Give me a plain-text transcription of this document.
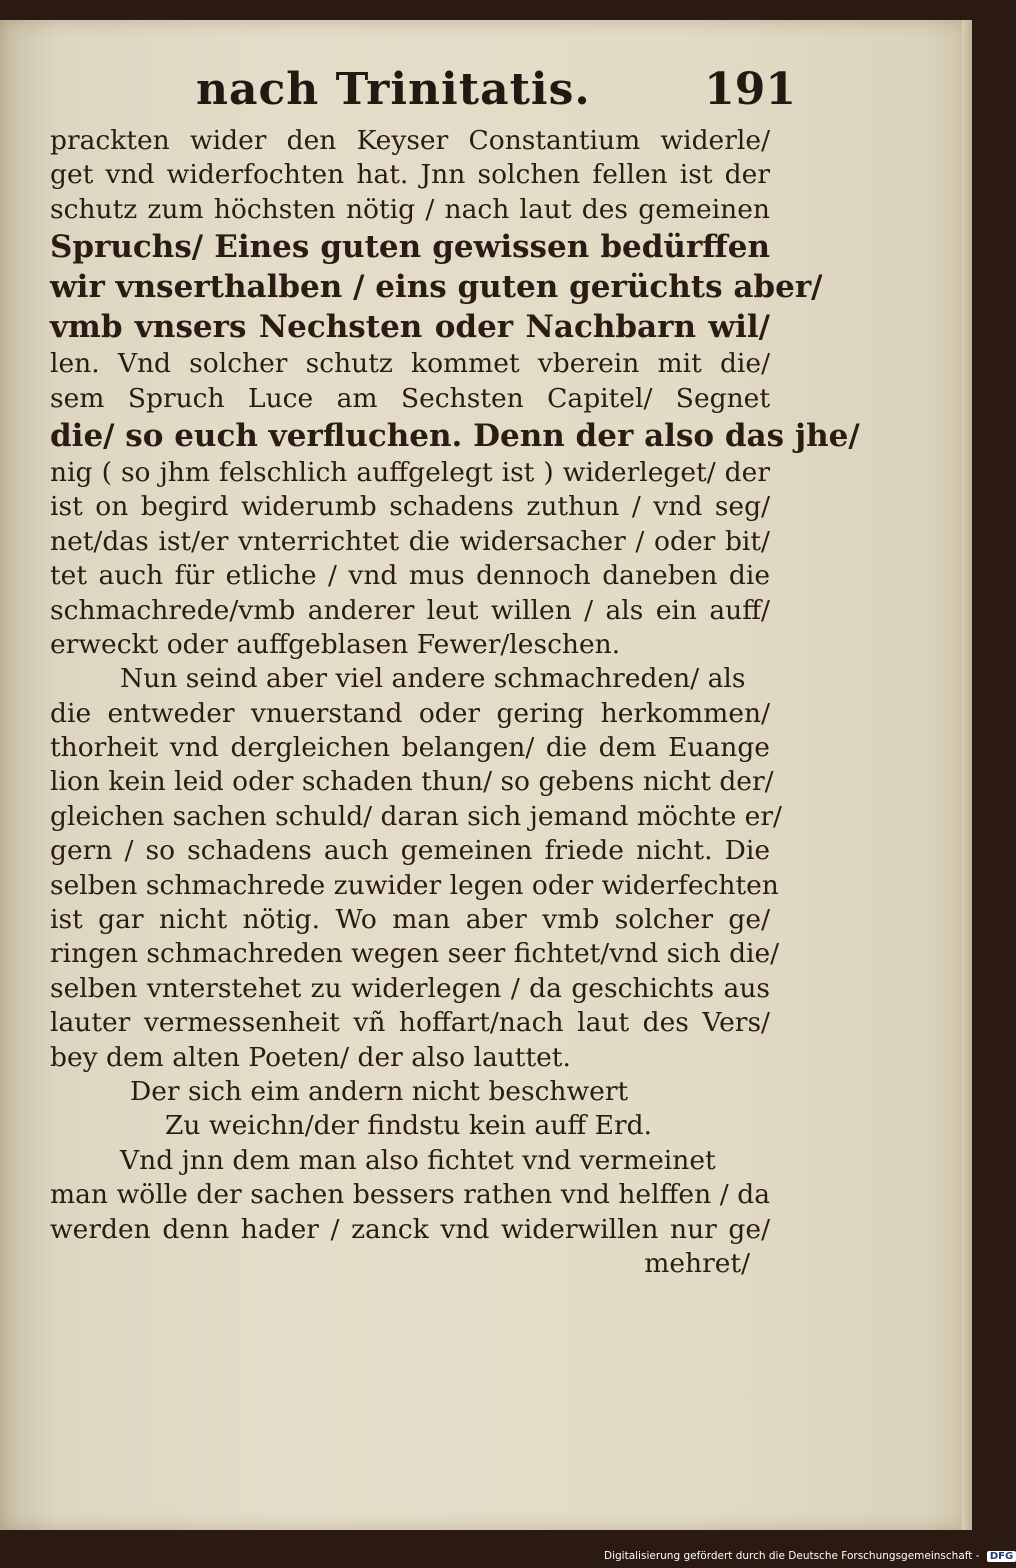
nach Trinitatis.	191
prackten wider den Keyser Constantium widerle/
get vnd widerfochten hat. Jnn solchen fellen ist der
schutz zum höchsten nötig / nach laut des gemeinen
Spruchs/ Eines guten gewissen bedürffen
wir vnserthalben / eins guten gerüchts aber/
vmb vnsers Nechsten oder Nachbarn wil/
len. Vnd solcher schutz kommet vberein mit die/
sem Spruch Luce am Sechsten Capitel/ Segnet
die/ so euch verfluchen. Denn der also das jhe/
nig ( so jhm felschlich auffgelegt ist ) widerleget/ der
ist on begird widerumb schadens zuthun / vnd seg/
net/das ist/er vnterrichtet die widersacher / oder bit/
tet auch für etliche / vnd mus dennoch daneben die
schmachrede/vmb anderer leut willen / als ein auff/
erweckt oder auffgeblasen Fewer/leschen.
Nun seind aber viel andere schmachreden/ als
die entweder vnuerstand oder gering herkommen/
thorheit vnd dergleichen belangen/ die dem Euange
lion kein leid oder schaden thun/ so gebens nicht der/
gleichen sachen schuld/ daran sich jemand möchte er/
gern / so schadens auch gemeinen friede nicht. Die
selben schmachrede zuwider legen oder widerfechten
ist gar nicht nötig. Wo man aber vmb solcher ge/
ringen schmachreden wegen seer fichtet/vnd sich die/
selben vnterstehet zu widerlegen / da geschichts aus
lauter vermessenheit vñ hoffart/nach laut des Vers/
bey dem alten Poeten/ der also lauttet.
Der sich eim andern nicht beschwert
Zu weichn/der findstu kein auff Erd.
Vnd jnn dem man also fichtet vnd vermeinet
man wölle der sachen bessers rathen vnd helffen / da
werden denn hader / zanck vnd widerwillen nur ge/
mehret/
Digitalisierung gefördert durch die Deutsche Forschungsgemeinschaft - DFG
